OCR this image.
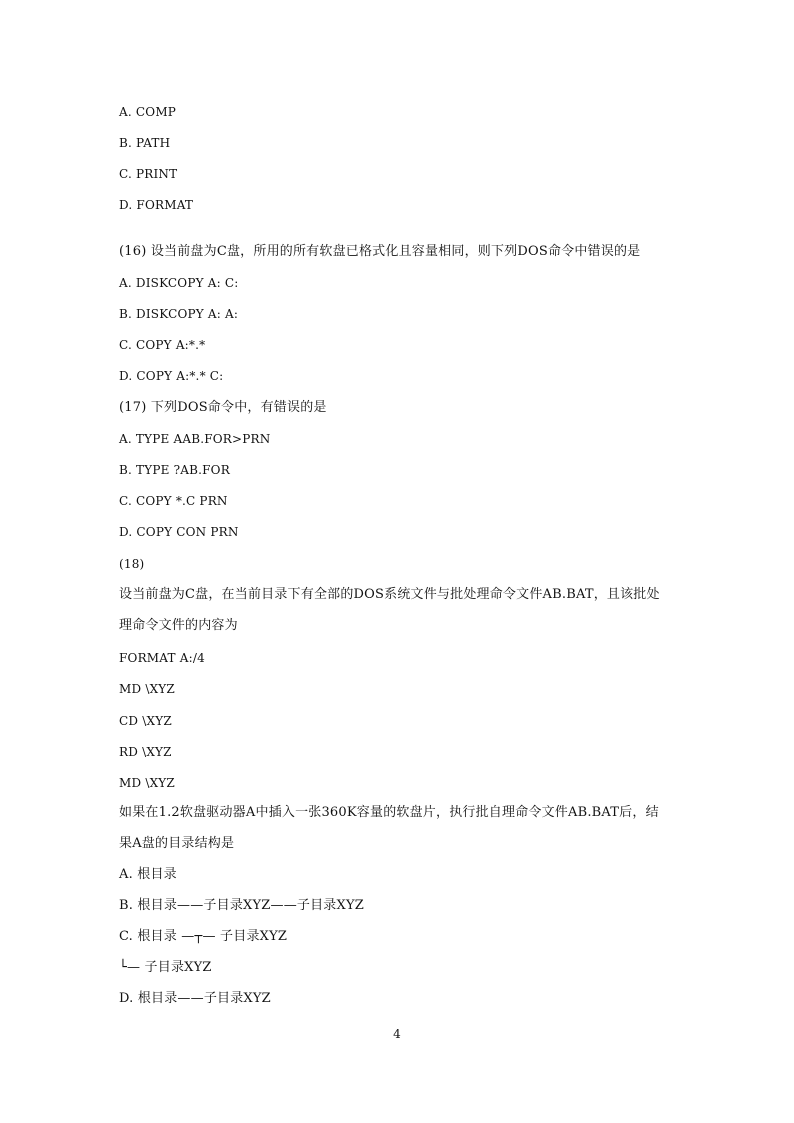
A. COMP
B. PATH
C. PRINT
D. FORMAT
(16) 设当前盘为C盘，所用的所有软盘已格式化且容量相同，则下列DOS命令中错误的是
A. DISKCOPY A: C:
B. DISKCOPY A: A:
C. COPY A:*.*
D. COPY A:*.* C:
(17) 下列DOS命令中，有错误的是
A. TYPE AAB.FOR>PRN
B. TYPE ?AB.FOR
C. COPY *.C PRN
D. COPY CON PRN
(18)
设当前盘为C盘，在当前目录下有全部的DOS系统文件与批处理命令文件AB.BAT，且该批处
理命令文件的内容为
FORMAT A:/4
MD \XYZ
CD \XYZ
RD \XYZ
MD \XYZ
如果在1.2软盘驱动器A中插入一张360K容量的软盘片，执行批自理命令文件AB.BAT后，结
果A盘的目录结构是
A. 根目录
B. 根目录——子目录XYZ——子目录XYZ
C. 根目录 —┬— 子目录XYZ
└— 子目录XYZ
D. 根目录——子目录XYZ
4
